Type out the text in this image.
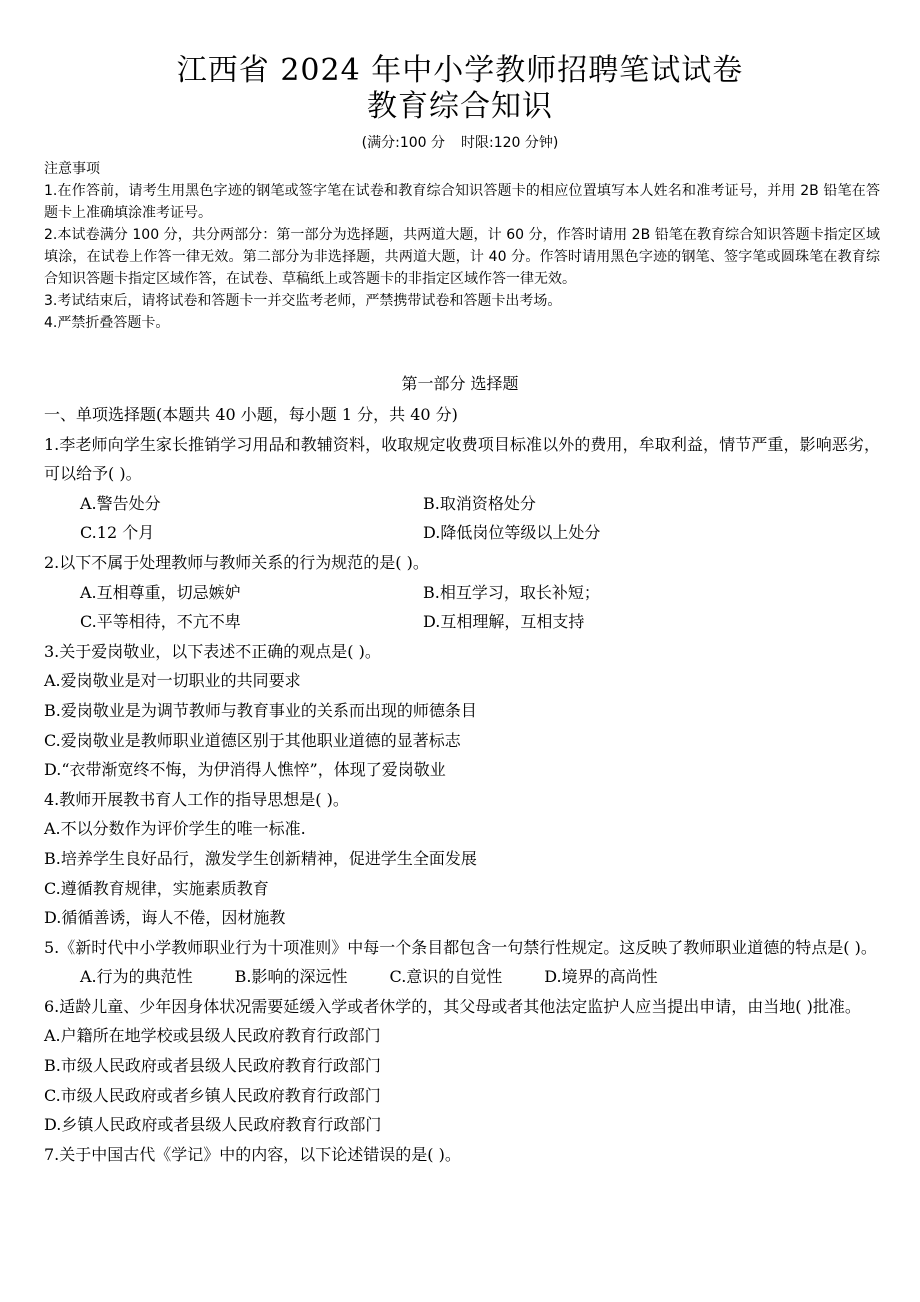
江西省 2024 年中小学教师招聘笔试试卷
教育综合知识
(满分:100 分 时限:120 分钟)

注意事项

1.在作答前，请考生用黑色字迹的钢笔或签字笔在试卷和教育综合知识答题卡的相应位置填写本人姓名和准考证号，并用 2B 铅笔在答题卡上准确填涂准考证号。

2.本试卷满分 100 分，共分两部分：第一部分为选择题，共两道大题，计 60 分，作答时请用 2B 铅笔在教育综合知识答题卡指定区域填涂，在试卷上作答一律无效。第二部分为非选择题，共两道大题，计 40 分。作答时请用黑色字迹的钢笔、签字笔或圆珠笔在教育综合知识答题卡指定区域作答，在试卷、草稿纸上或答题卡的非指定区域作答一律无效。

3.考试结束后，请将试卷和答题卡一并交监考老师，严禁携带试卷和答题卡出考场。

4.严禁折叠答题卡。

第一部分 选择题

一、单项选择题(本题共 40 小题，每小题 1 分，共 40 分)

1.李老师向学生家长推销学习用品和教辅资料，收取规定收费项目标准以外的费用，牟取利益，情节严重，影响恶劣，可以给予( )。

A.警告处分	B.取消资格处分
C.12 个月	D.降低岗位等级以上处分

2.以下不属于处理教师与教师关系的行为规范的是( )。

A.互相尊重，切忌嫉妒	B.相互学习，取长补短；
C.平等相待，不亢不卑	D.互相理解，互相支持

3.关于爱岗敬业，以下表述不正确的观点是( )。

A.爱岗敬业是对一切职业的共同要求

B.爱岗敬业是为调节教师与教育事业的关系而出现的师德条目

C.爱岗敬业是教师职业道德区别于其他职业道德的显著标志

D.“衣带渐宽终不悔，为伊消得人憔悴”，体现了爱岗敬业

4.教师开展教书育人工作的指导思想是( )。

A.不以分数作为评价学生的唯一标准.

B.培养学生良好品行，激发学生创新精神，促进学生全面发展

C.遵循教育规律，实施素质教育

D.循循善诱，诲人不倦，因材施教

5.《新时代中小学教师职业行为十项准则》中每一个条目都包含一句禁行性规定。这反映了教师职业道德的特点是( )。

A.行为的典范性	B.影响的深远性	C.意识的自觉性	D.境界的高尚性

6.适龄儿童、少年因身体状况需要延缓入学或者休学的，其父母或者其他法定监护人应当提出申请，由当地( )批准。

A.户籍所在地学校或县级人民政府教育行政部门

B.市级人民政府或者县级人民政府教育行政部门

C.市级人民政府或者乡镇人民政府教育行政部门

D.乡镇人民政府或者县级人民政府教育行政部门

7.关于中国古代《学记》中的内容，以下论述错误的是( )。
